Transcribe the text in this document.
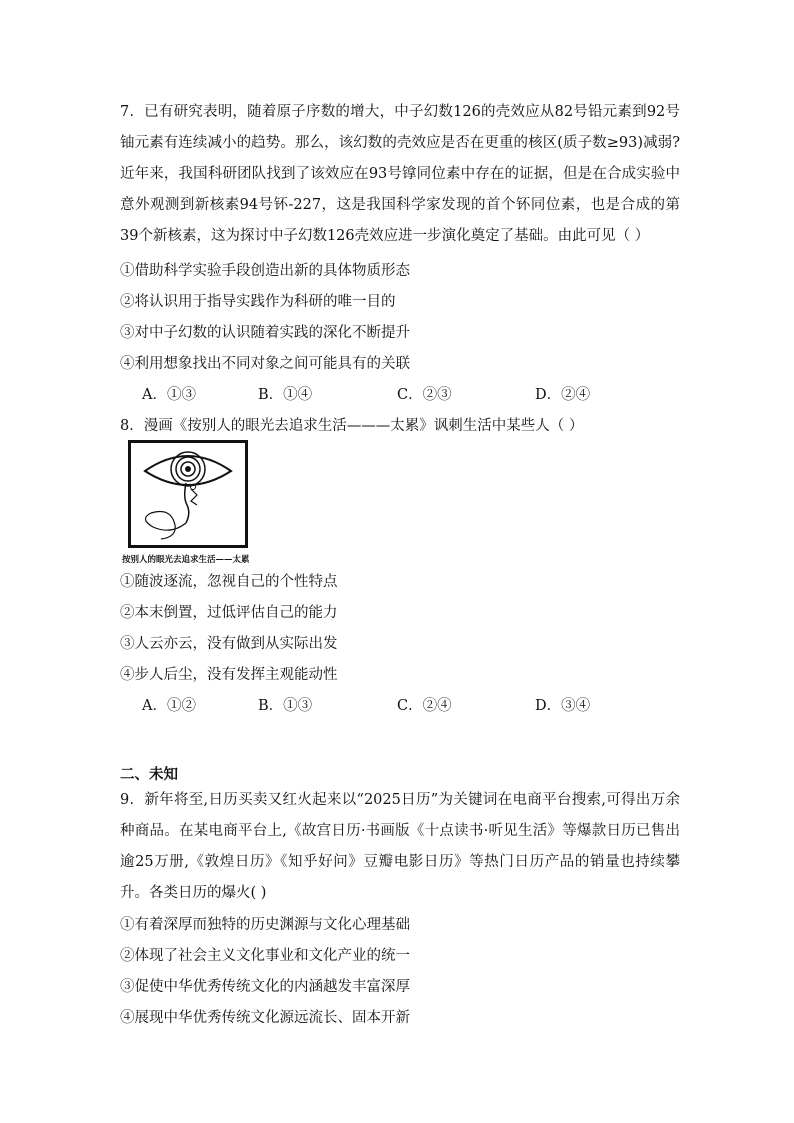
7．已有研究表明，随着原子序数的增大，中子幻数126的壳效应从82号铅元素到92号铀元素有连续减小的趋势。那么，该幻数的壳效应是否在更重的核区(质子数≥93)减弱?近年来，我国科研团队找到了该效应在93号镎同位素中存在的证据，但是在合成实验中意外观测到新核素94号钚-227，这是我国科学家发现的首个钚同位素，也是合成的第39个新核素，这为探讨中子幻数126壳效应进一步演化奠定了基础。由此可见（ ）
①借助科学实验手段创造出新的具体物质形态
②将认识用于指导实践作为科研的唯一目的
③对中子幻数的认识随着实践的深化不断提升
④利用想象找出不同对象之间可能具有的关联
A．①③	B．①④	C．②③	D．②④
8．漫画《按别人的眼光去追求生活———太累》讽刺生活中某些人（ ）
按别人的眼光去追求生活——太累
①随波逐流，忽视自己的个性特点
②本末倒置，过低评估自己的能力
③人云亦云，没有做到从实际出发
④步人后尘，没有发挥主观能动性
A．①②	B．①③	C．②④	D．③④
二、未知
9．新年将至,日历买卖又红火起来以“2025日历”为关键词在电商平台搜索,可得出万余种商品。在某电商平台上,《故宫日历·书画版《十点读书·听见生活》等爆款日历已售出逾25万册,《敦煌日历》《知乎好问》豆瓣电影日历》等热门日历产品的销量也持续攀升。各类日历的爆火( )
①有着深厚而独特的历史渊源与文化心理基础
②体现了社会主义文化事业和文化产业的统一
③促使中华优秀传统文化的内涵越发丰富深厚
④展现中华优秀传统文化源远流长、固本开新
